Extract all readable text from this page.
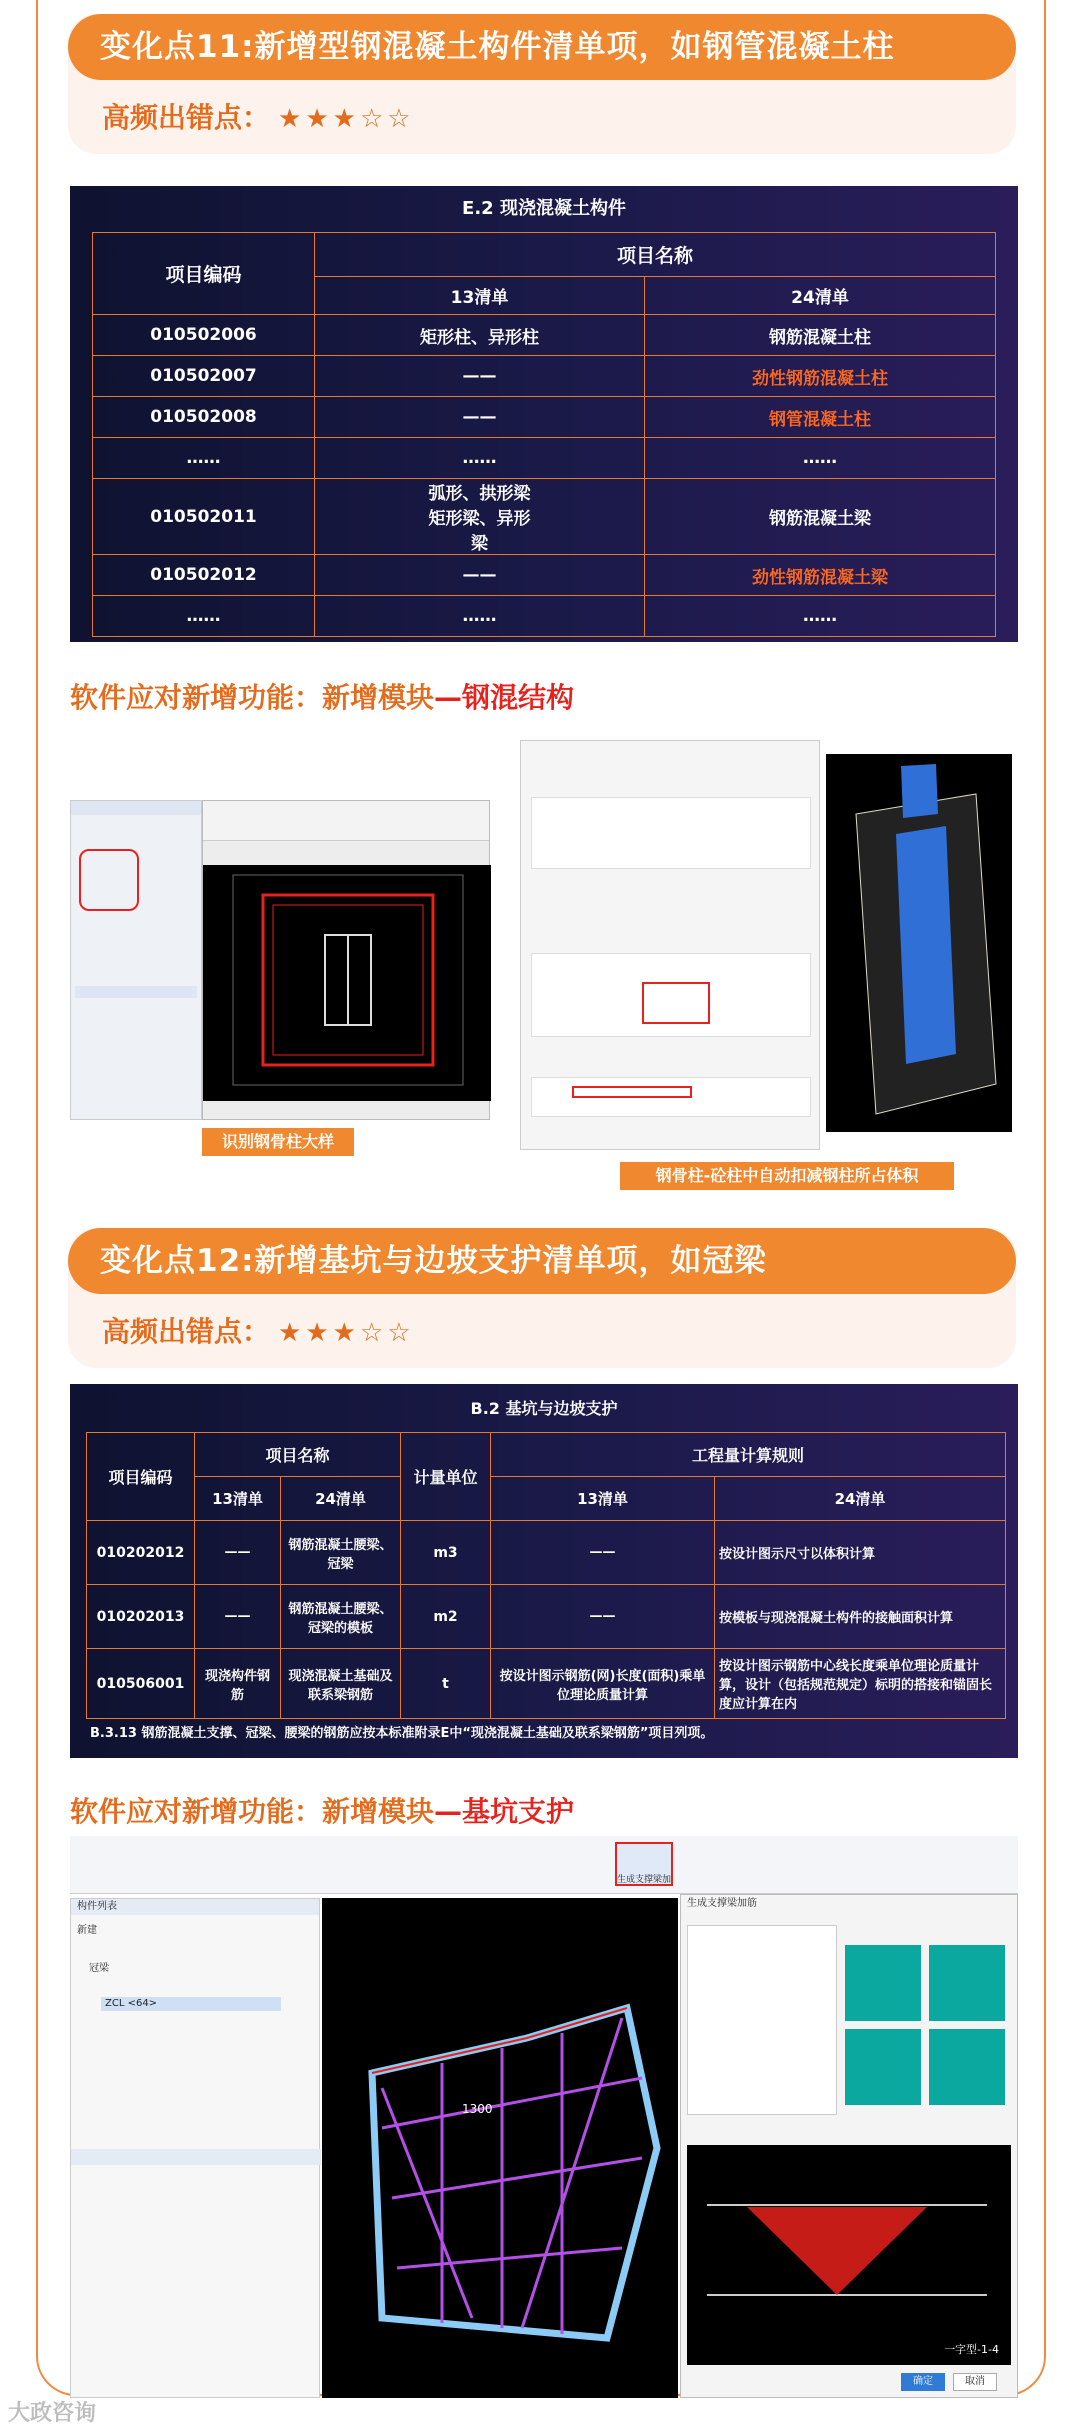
变化点11:新增型钢混凝土构件清单项，如钢管混凝土柱
高频出错点： ★★★☆☆
E.2 现浇混凝土构件
项目编码	项目名称	
	13清单	24清单
010502006	矩形柱、异形柱	钢筋混凝土柱
010502007	——	劲性钢筋混凝土柱
010502008	——	钢管混凝土柱
……	……	……
010502011	弧形、拱形梁 矩形梁、异形梁	钢筋混凝土梁
010502012	——	劲性钢筋混凝土梁
……	……	……
软件应对新增功能：新增模块—钢混结构
识别钢骨柱大样
钢骨柱-砼柱中自动扣减钢柱所占体积
变化点12:新增基坑与边坡支护清单项，如冠梁
高频出错点： ★★★☆☆
B.2 基坑与边坡支护
项目编码	项目名称		计量单位	工程量计算规则	
	13清单	24清单		13清单	24清单
010202012	——	钢筋混凝土腰梁、冠梁	m3	——	按设计图示尺寸以体积计算
010202013	——	钢筋混凝土腰梁、冠梁的模板	m2	——	按模板与现浇混凝土构件的接触面积计算
010506001	现浇构件钢筋	现浇混凝土基础及联系梁钢筋	t	按设计图示钢筋(网)长度(面积)乘单位理论质量计算	按设计图示钢筋中心线长度乘单位理论质量计算，设计（包括规范规定）标明的搭接和锚固长度应计算在内
B.3.13 钢筋混凝土支撑、冠梁、腰梁的钢筋应按本标准附录E中“现浇混凝土基础及联系梁钢筋”项目列项。
软件应对新增功能：新增模块—基坑支护
生成支撑梁加
构件列表
新建
冠梁
ZCL <64>
1300
生成支撑梁加筋
一字型-1-4
确定	取消
大政咨询
